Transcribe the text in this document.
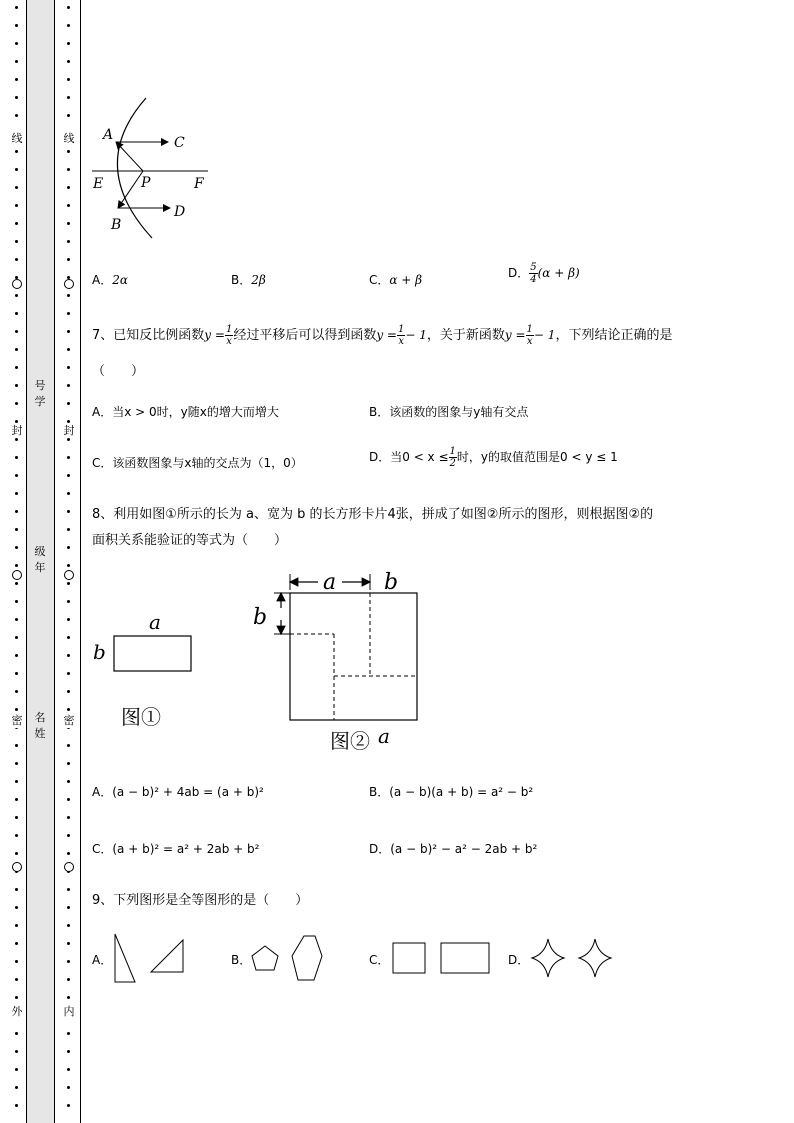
线
封
密
外
线
封
密
内
号学
级年
名姓
A	C
E	P	F
B
D
A．2α	B．2β	C．α + β	D． $\frac{5}{4} (\alpha + \beta)$
7、已知反比例函数$y = \frac{1}{x}$ 经过平移后可以得到函数$y = \frac{1}{x} - 1$，关于新函数$y = \frac{1}{x} - 1$，下列结论正确的是
（　　）
A．当x > 0时，y随x的增大而增大	B．该函数的图象与y轴有交点
C．该函数图象与x轴的交点为（1，0）	D．当$0 < x \le \frac{1}{2}$ 时，y的取值范围是0 < y ≤ 1
8、利用如图①所示的长为 a、宽为 b 的长方形卡片4张，拼成了如图②所示的图形，则根据图②的
面积关系能验证的等式为（　　）
a
b
图①
a b
b
图② a
A．(a − b)² + 4ab = (a + b)²	B．(a − b)(a + b) = a² − b²
C．(a + b)² = a² + 2ab + b²	D．(a − b)² − a² − 2ab + b²
9、下列图形是全等图形的是（　　）
A．	B．	C．	D．
